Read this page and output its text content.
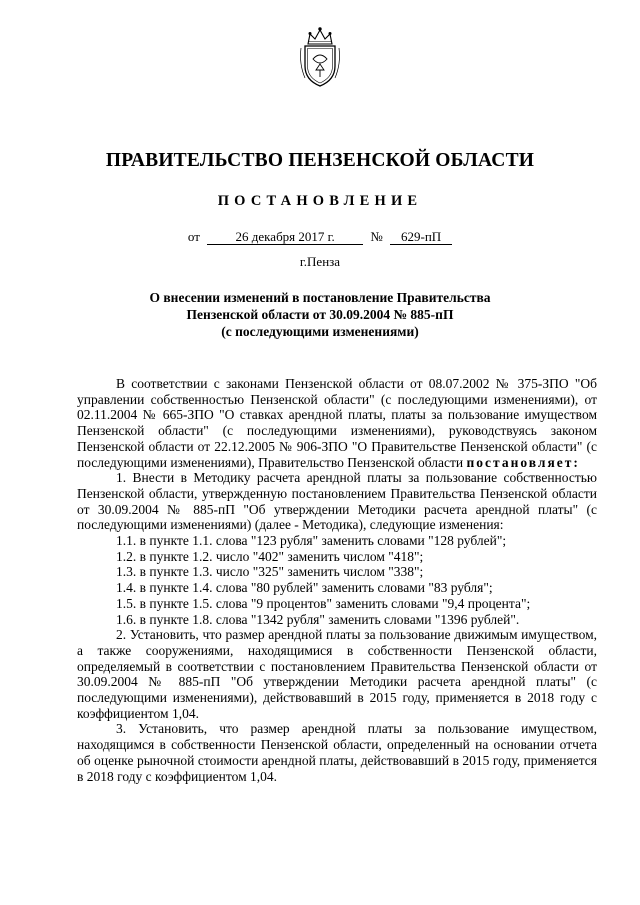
ПРАВИТЕЛЬСТВО ПЕНЗЕНСКОЙ ОБЛАСТИ
ПОСТАНОВЛЕНИЕ
от	26 декабря 2017 г.	№ 629-пП
г.Пенза
О внесении изменений в постановление Правительства
Пензенской области от 30.09.2004 № 885-пП
(с последующими изменениями)

В соответствии с законами Пензенской области от 08.07.2002 № 375-ЗПО "Об управлении собственностью Пензенской области" (с последующими изменениями), от 02.11.2004 № 665-ЗПО "О ставках арендной платы, платы за пользование имуществом Пензенской области" (с последующими изменениями), руководствуясь законом Пензенской области от 22.12.2005 № 906-ЗПО "О Правительстве Пензенской области" (с последующими изменениями), Правительство Пензенской области постановляет:

1. Внести в Методику расчета арендной платы за пользование собственностью Пензенской области, утвержденную постановлением Правительства Пензенской области от 30.09.2004 № 885-пП "Об утверждении Методики расчета арендной платы" (с последующими изменениями) (далее - Методика), следующие изменения:

1.1. в пункте 1.1. слова "123 рубля" заменить словами "128 рублей";

1.2. в пункте 1.2. число "402" заменить числом "418";

1.3. в пункте 1.3. число "325" заменить числом "338";

1.4. в пункте 1.4. слова "80 рублей" заменить словами "83 рубля";

1.5. в пункте 1.5. слова "9 процентов" заменить словами "9,4 процента";

1.6. в пункте 1.8. слова "1342 рубля" заменить словами "1396 рублей".

2. Установить, что размер арендной платы за пользование движимым имуществом, а также сооружениями, находящимися в собственности Пензенской области, определяемый в соответствии с постановлением Правительства Пензенской области от 30.09.2004 № 885-пП "Об утверждении Методики расчета арендной платы" (с последующими изменениями), действовавший в 2015 году, применяется в 2018 году с коэффициентом 1,04.

3. Установить, что размер арендной платы за пользование имуществом, находящимся в собственности Пензенской области, определенный на основании отчета об оценке рыночной стоимости арендной платы, действовавший в 2015 году, применяется в 2018 году с коэффициентом 1,04.
